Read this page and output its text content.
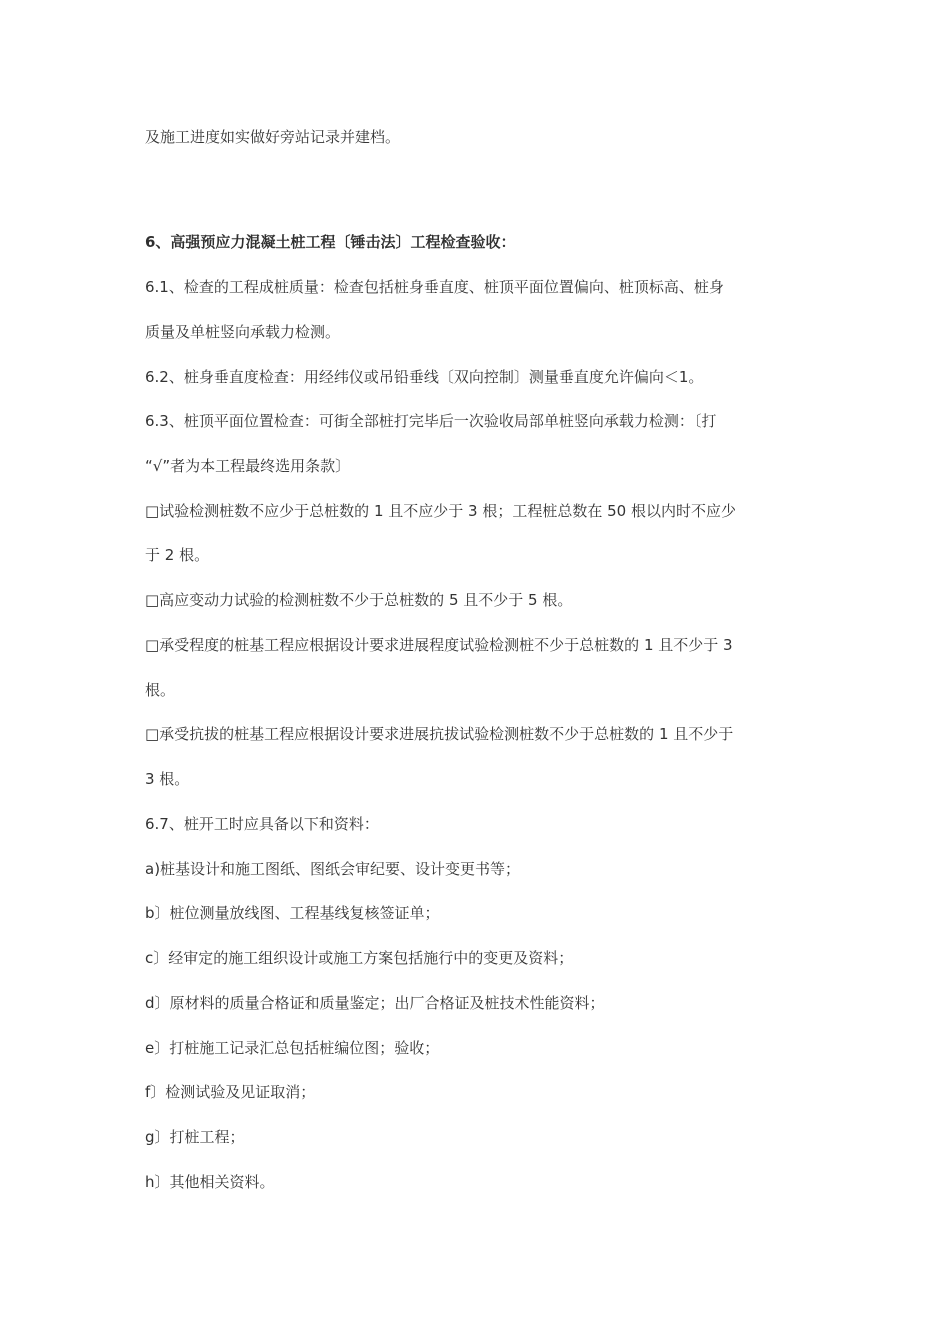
及施工进度如实做好旁站记录并建档。
6、高强预应力混凝土桩工程〔锤击法〕工程检查验收：
6.1、检查的工程成桩质量：检查包括桩身垂直度、桩顶平面位置偏向、桩顶标高、桩身
质量及单桩竖向承载力检测。
6.2、桩身垂直度检查：用经纬仪或吊铅垂线〔双向控制〕测量垂直度允许偏向＜1。
6.3、桩顶平面位置检查：可街全部桩打完毕后一次验收局部单桩竖向承载力检测：〔打
“√”者为本工程最终选用条款〕
□试验检测桩数不应少于总桩数的 1 且不应少于 3 根；工程桩总数在 50 根以内时不应少
于 2 根。
□高应变动力试验的检测桩数不少于总桩数的 5 且不少于 5 根。
□承受程度的桩基工程应根据设计要求进展程度试验检测桩不少于总桩数的 1 且不少于 3
根。
□承受抗拔的桩基工程应根据设计要求进展抗拔试验检测桩数不少于总桩数的 1 且不少于
3 根。
6.7、桩开工时应具备以下和资料：
a)桩基设计和施工图纸、图纸会审纪要、设计变更书等；
b〕桩位测量放线图、工程基线复核签证单；
c〕经审定的施工组织设计或施工方案包括施行中的变更及资料；
d〕原材料的质量合格证和质量鉴定；出厂合格证及桩技术性能资料；
e〕打桩施工记录汇总包括桩编位图；验收；
f〕检测试验及见证取消；
g〕打桩工程；
h〕其他相关资料。
